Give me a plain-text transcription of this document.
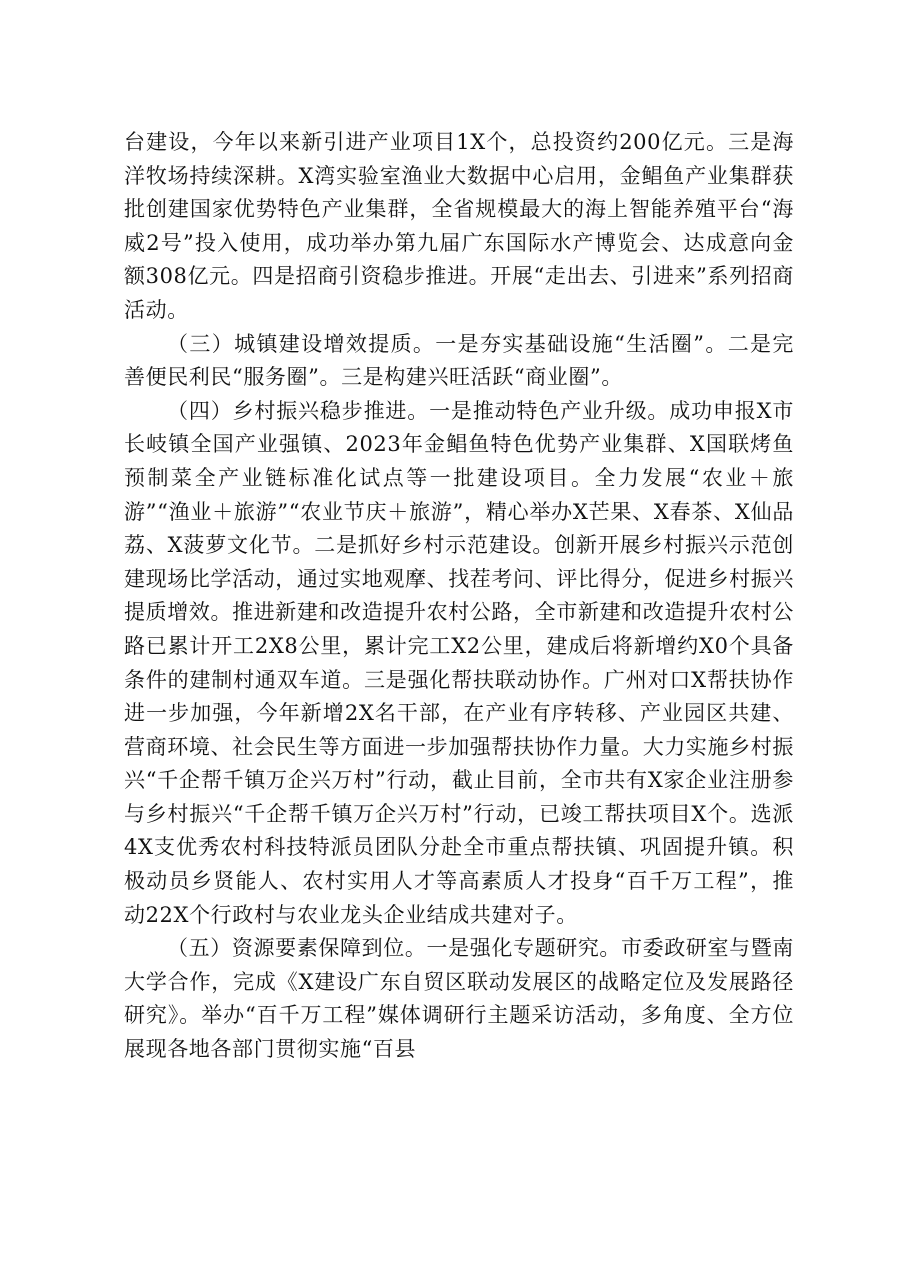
台建设，今年以来新引进产业项目1X个，总投资约200亿元。三是海洋牧场持续深耕。X湾实验室渔业大数据中心启用，金鲳鱼产业集群获批创建国家优势特色产业集群，全省规模最大的海上智能养殖平台“海威2号”投入使用，成功举办第九届广东国际水产博览会、达成意向金额308亿元。四是招商引资稳步推进。开展“走出去、引进来”系列招商活动。

（三）城镇建设增效提质。一是夯实基础设施“生活圈”。二是完善便民利民“服务圈”。三是构建兴旺活跃“商业圈”。

（四）乡村振兴稳步推进。一是推动特色产业升级。成功申报X市长岐镇全国产业强镇、2023年金鲳鱼特色优势产业集群、X国联烤鱼预制菜全产业链标准化试点等一批建设项目。全力发展“农业＋旅游”“渔业＋旅游”“农业节庆＋旅游”，精心举办X芒果、X春茶、X仙品荔、X菠萝文化节。二是抓好乡村示范建设。创新开展乡村振兴示范创建现场比学活动，通过实地观摩、找茬考问、评比得分，促进乡村振兴提质增效。推进新建和改造提升农村公路，全市新建和改造提升农村公路已累计开工2X8公里，累计完工X2公里，建成后将新增约X0个具备条件的建制村通双车道。三是强化帮扶联动协作。广州对口X帮扶协作进一步加强，今年新增2X名干部，在产业有序转移、产业园区共建、营商环境、社会民生等方面进一步加强帮扶协作力量。大力实施乡村振兴“千企帮千镇万企兴万村”行动，截止目前，全市共有X家企业注册参与乡村振兴“千企帮千镇万企兴万村”行动，已竣工帮扶项目X个。选派4X支优秀农村科技特派员团队分赴全市重点帮扶镇、巩固提升镇。积极动员乡贤能人、农村实用人才等高素质人才投身“百千万工程”，推动22X个行政村与农业龙头企业结成共建对子。

（五）资源要素保障到位。一是强化专题研究。市委政研室与暨南大学合作，完成《X建设广东自贸区联动发展区的战略定位及发展路径研究》。举办“百千万工程”媒体调研行主题采访活动，多角度、全方位展现各地各部门贯彻实施“百县
